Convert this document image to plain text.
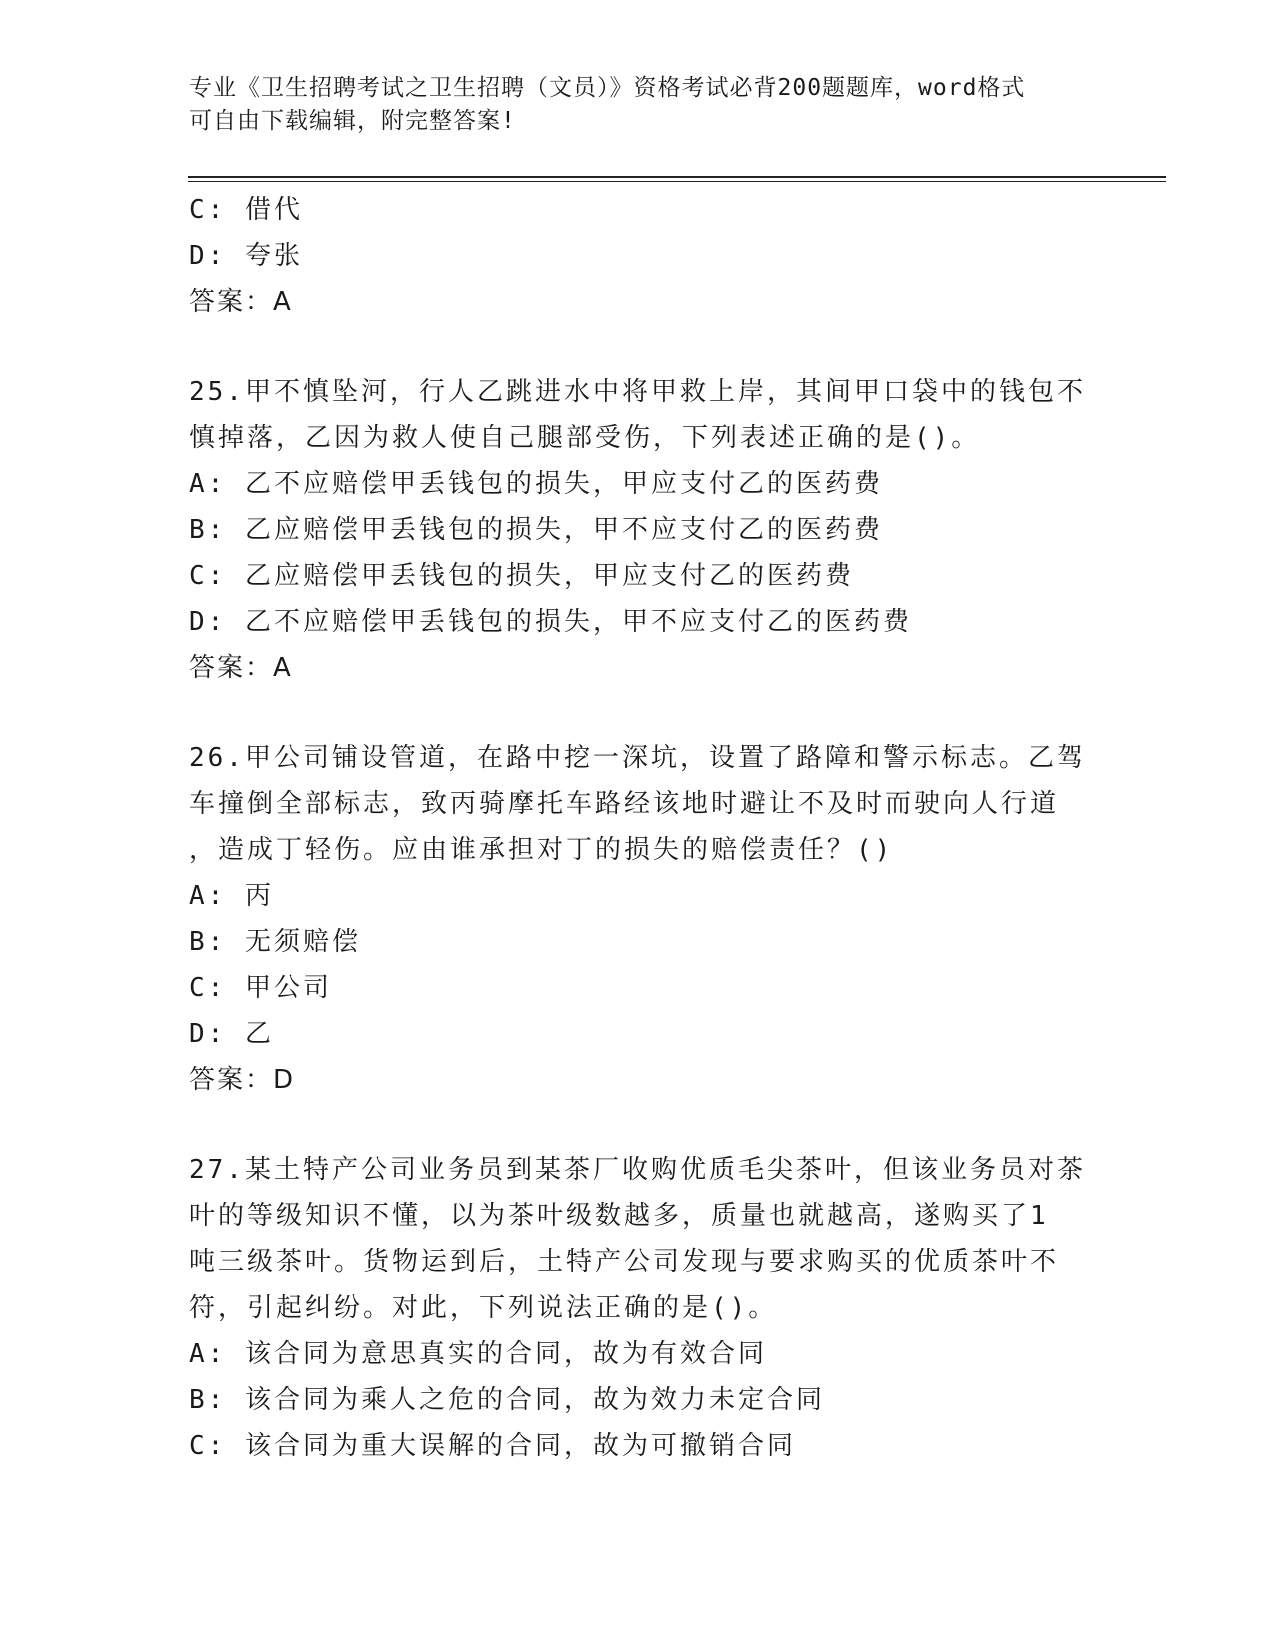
专业《卫生招聘考试之卫生招聘（文员）》资格考试必背200题题库，word格式
可自由下载编辑，附完整答案!
C: 借代
D: 夸张
答案：A
25.甲不慎坠河，行人乙跳进水中将甲救上岸，其间甲口袋中的钱包不
慎掉落，乙因为救人使自己腿部受伤，下列表述正确的是()。
A: 乙不应赔偿甲丢钱包的损失，甲应支付乙的医药费
B: 乙应赔偿甲丢钱包的损失，甲不应支付乙的医药费
C: 乙应赔偿甲丢钱包的损失，甲应支付乙的医药费
D: 乙不应赔偿甲丢钱包的损失，甲不应支付乙的医药费
答案：A
26.甲公司铺设管道，在路中挖一深坑，设置了路障和警示标志。乙驾
车撞倒全部标志，致丙骑摩托车路经该地时避让不及时而驶向人行道
，造成丁轻伤。应由谁承担对丁的损失的赔偿责任？()
A: 丙
B: 无须赔偿
C: 甲公司
D: 乙
答案：D
27.某土特产公司业务员到某茶厂收购优质毛尖茶叶，但该业务员对茶
叶的等级知识不懂，以为茶叶级数越多，质量也就越高，遂购买了1
吨三级茶叶。货物运到后，土特产公司发现与要求购买的优质茶叶不
符，引起纠纷。对此，下列说法正确的是()。
A: 该合同为意思真实的合同，故为有效合同
B: 该合同为乘人之危的合同，故为效力未定合同
C: 该合同为重大误解的合同，故为可撤销合同
